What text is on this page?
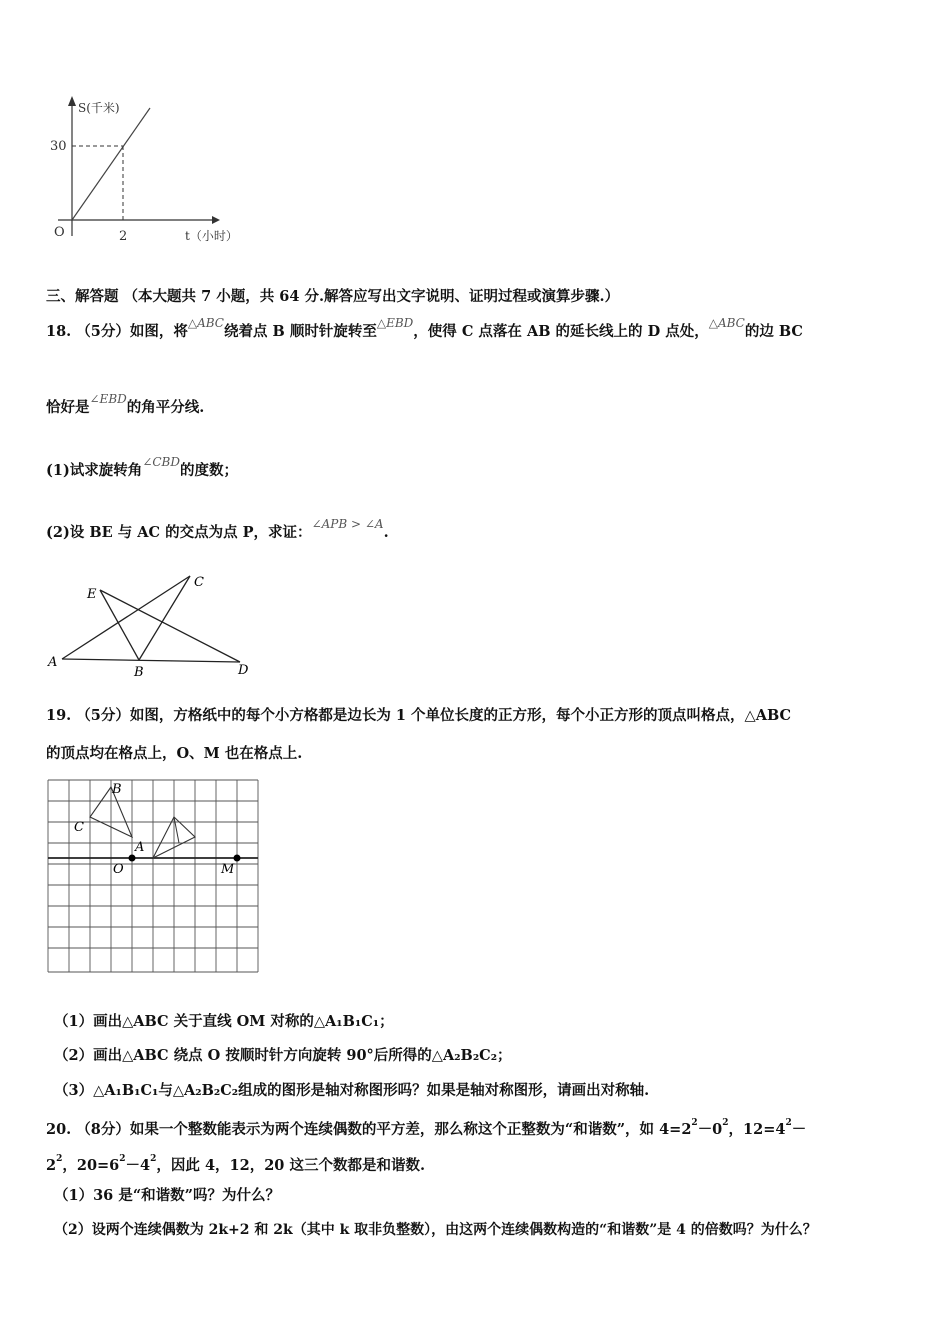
S(千米)
30
O	2	t（小时）
三、解答题 （本大题共 7 小题，共 64 分.解答应写出文字说明、证明过程或演算步骤.）
18. （5分）如图，将$^{\triangle ABC}$绕着点 B 顺时针旋转至$^{\triangle EBD}$，使得 C 点落在 AB 的延长线上的 D 点处，$^{\triangle ABC}$的边 BC
恰好是$^{\angle EBD}$的角平分线.
(1)试求旋转角$^{\angle CBD}$的度数；
(2)设 BE 与 AC 的交点为点 P，求证：$^{\angle APB > \angle A}$.
E
C
A
B	D
19. （5分）如图，方格纸中的每个小方格都是边长为 1 个单位长度的正方形，每个小正方形的顶点叫格点，△ABC
的顶点均在格点上，O、M 也在格点上.
B
C
A
O	M
（1）画出△ABC 关于直线 OM 对称的△A₁B₁C₁；
（2）画出△ABC 绕点 O 按顺时针方向旋转 90°后所得的△A₂B₂C₂；
（3）△A₁B₁C₁与△A₂B₂C₂组成的图形是轴对称图形吗？如果是轴对称图形，请画出对称轴.
20. （8分）如果一个整数能表示为两个连续偶数的平方差，那么称这个正整数为“和谐数”，如 $4=2^2-0^2$，$12=4^2-$
$2^2$，$20=6^2-4^2$，因此 4，12，20 这三个数都是和谐数.
（1）36 是“和谐数”吗？为什么？
（2）设两个连续偶数为 2k+2 和 2k（其中 k 取非负整数），由这两个连续偶数构造的“和谐数”是 4 的倍数吗？为什么？
